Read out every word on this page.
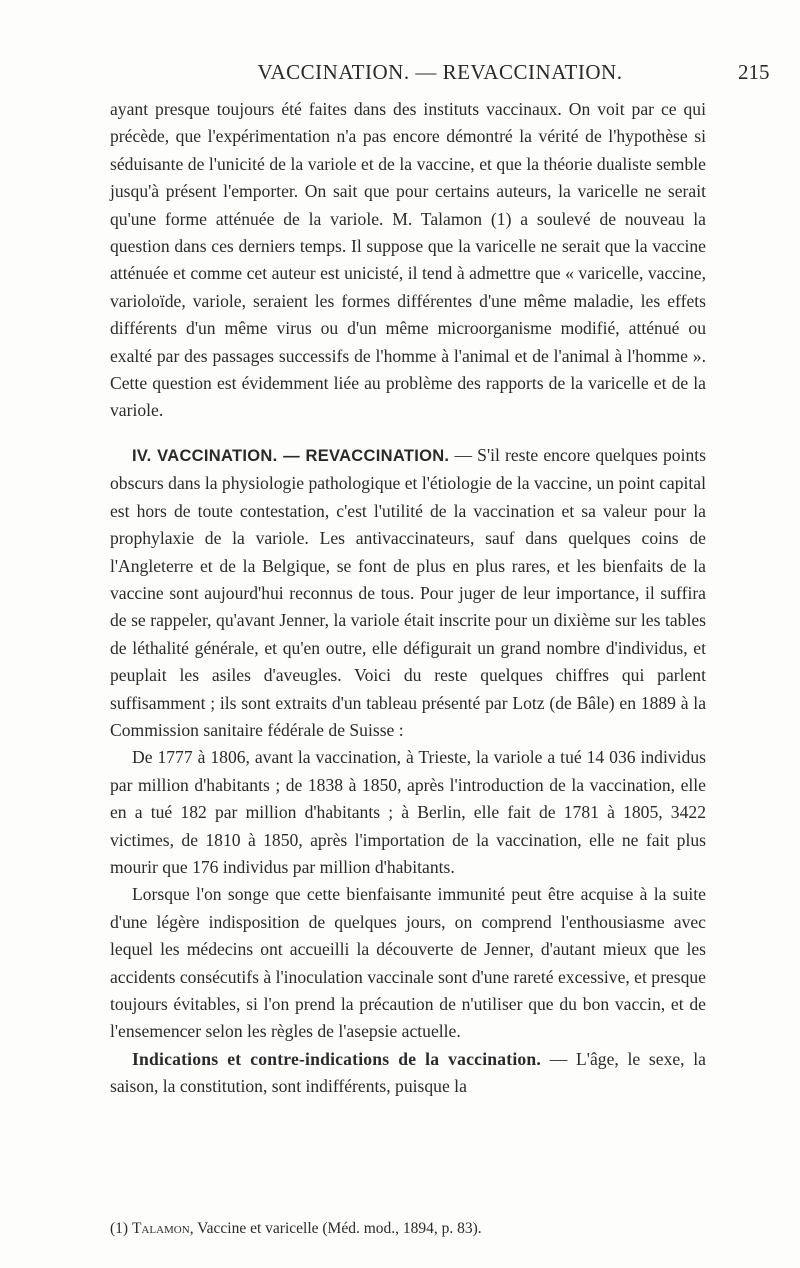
VACCINATION. — REVACCINATION.	215

ayant presque toujours été faites dans des instituts vaccinaux. On voit par ce qui précède, que l'expérimentation n'a pas encore démontré la vérité de l'hypothèse si séduisante de l'unicité de la variole et de la vaccine, et que la théorie dualiste semble jusqu'à présent l'emporter. On sait que pour certains auteurs, la varicelle ne serait qu'une forme atténuée de la variole. M. Talamon (1) a soulevé de nouveau la question dans ces derniers temps. Il suppose que la varicelle ne serait que la vaccine atténuée et comme cet auteur est unicisté, il tend à admettre que « varicelle, vaccine, varioloïde, variole, seraient les formes différentes d'une même maladie, les effets différents d'un même virus ou d'un même microorganisme modifié, atténué ou exalté par des passages successifs de l'homme à l'animal et de l'animal à l'homme ». Cette question est évidemment liée au problème des rapports de la varicelle et de la variole.

IV. VACCINATION. — REVACCINATION. — S'il reste encore quelques points obscurs dans la physiologie pathologique et l'étiologie de la vaccine, un point capital est hors de toute contestation, c'est l'utilité de la vaccination et sa valeur pour la prophylaxie de la variole. Les antivaccinateurs, sauf dans quelques coins de l'Angleterre et de la Belgique, se font de plus en plus rares, et les bienfaits de la vaccine sont aujourd'hui reconnus de tous. Pour juger de leur importance, il suffira de se rappeler, qu'avant Jenner, la variole était inscrite pour un dixième sur les tables de léthalité générale, et qu'en outre, elle défigurait un grand nombre d'individus, et peuplait les asiles d'aveugles. Voici du reste quelques chiffres qui parlent suffisamment ; ils sont extraits d'un tableau présenté par Lotz (de Bâle) en 1889 à la Commission sanitaire fédérale de Suisse :

De 1777 à 1806, avant la vaccination, à Trieste, la variole a tué 14 036 individus par million d'habitants ; de 1838 à 1850, après l'introduction de la vaccination, elle en a tué 182 par million d'habitants ; à Berlin, elle fait de 1781 à 1805, 3422 victimes, de 1810 à 1850, après l'importation de la vaccination, elle ne fait plus mourir que 176 individus par million d'habitants.

Lorsque l'on songe que cette bienfaisante immunité peut être acquise à la suite d'une légère indisposition de quelques jours, on comprend l'enthousiasme avec lequel les médecins ont accueilli la découverte de Jenner, d'autant mieux que les accidents consécutifs à l'inoculation vaccinale sont d'une rareté excessive, et presque toujours évitables, si l'on prend la précaution de n'utiliser que du bon vaccin, et de l'ensemencer selon les règles de l'asepsie actuelle.

Indications et contre-indications de la vaccination. — L'âge, le sexe, la saison, la constitution, sont indifférents, puisque la

(1) Talamon, Vaccine et varicelle (Méd. mod., 1894, p. 83).
